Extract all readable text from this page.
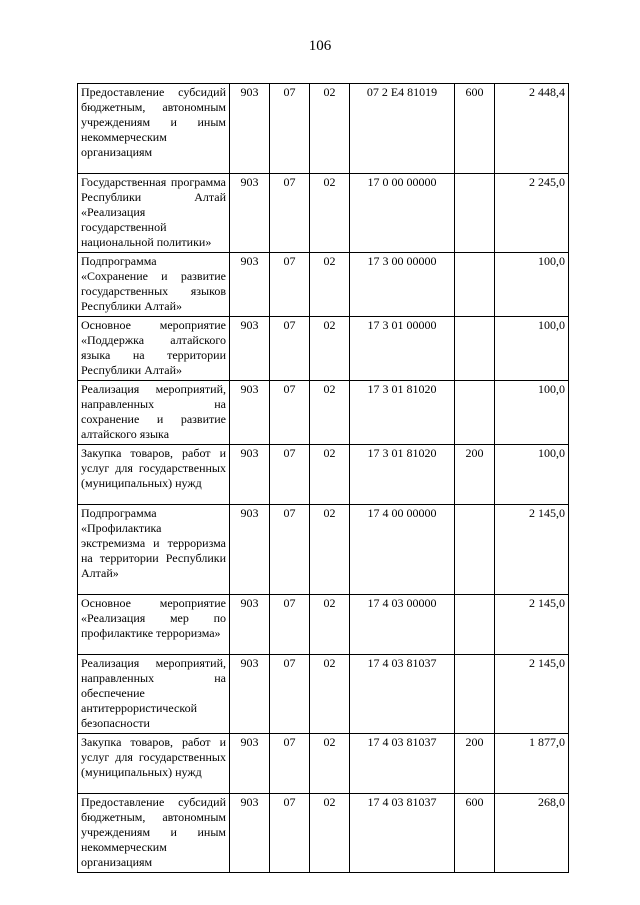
106
Предоставление субсидий бюджетным, автономным учреждениям и иным некоммерческим организациям	903	07	02	07 2 E4 81019	600	2 448,4
Государственная программа Республики Алтай «Реализация государственной национальной политики»	903	07	02	17 0 00 00000		2 245,0
Подпрограмма «Сохранение и развитие государственных языков Республики Алтай»	903	07	02	17 3 00 00000		100,0
Основное мероприятие «Поддержка алтайского языка на территории Республики Алтай»	903	07	02	17 3 01 00000		100,0
Реализация мероприятий, направленных на сохранение и развитие алтайского языка	903	07	02	17 3 01 81020		100,0
Закупка товаров, работ и услуг для государственных (муниципальных) нужд	903	07	02	17 3 01 81020	200	100,0
Подпрограмма «Профилактика экстремизма и терроризма на территории Республики Алтай»	903	07	02	17 4 00 00000		2 145,0
Основное мероприятие «Реализация мер по профилактике терроризма»	903	07	02	17 4 03 00000		2 145,0
Реализация мероприятий, направленных на обеспечение антитеррористической безопасности	903	07	02	17 4 03 81037		2 145,0
Закупка товаров, работ и услуг для государственных (муниципальных) нужд	903	07	02	17 4 03 81037	200	1 877,0
Предоставление субсидий бюджетным, автономным учреждениям и иным некоммерческим организациям	903	07	02	17 4 03 81037	600	268,0
